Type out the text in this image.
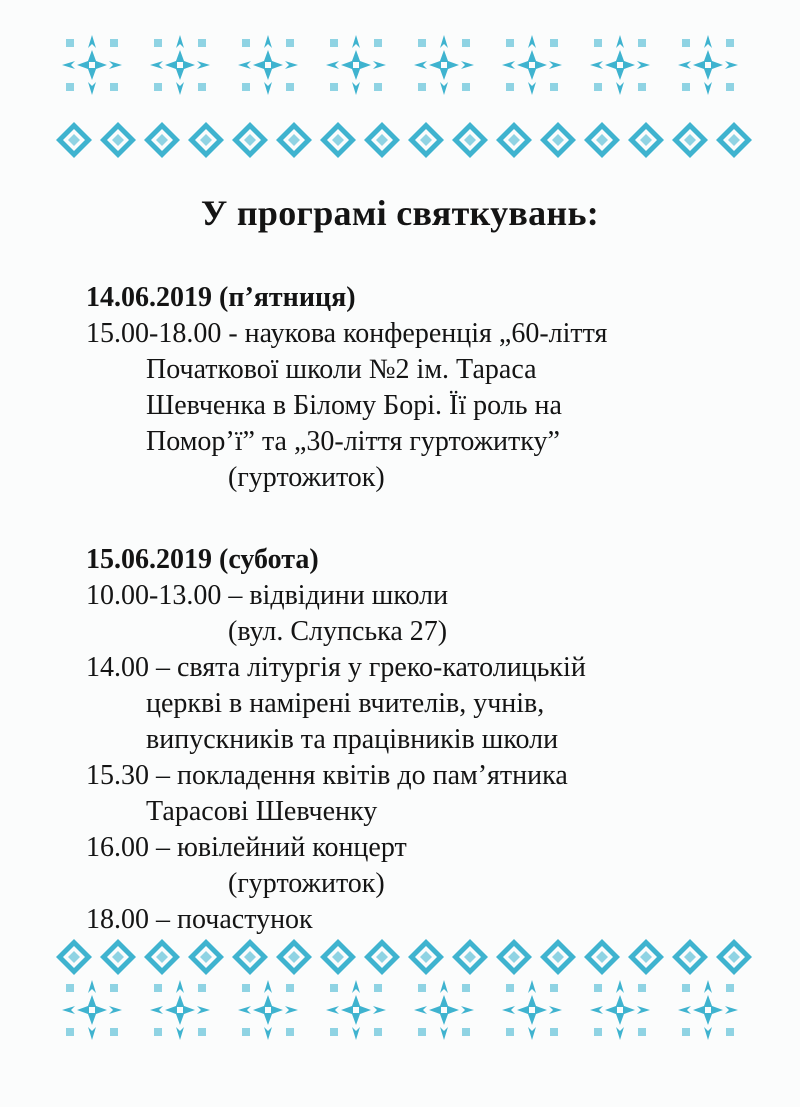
У програмі святкувань:
14.06.2019 (п’ятниця)
15.00-18.00 - наукова конференція „60-ліття
Початкової школи №2 ім. Тараса
Шевченка в Білому Борі. Її роль на
Помор’ї” та „30-ліття гуртожитку”
(гуртожиток)
15.06.2019 (субота)
10.00-13.00 – відвідини школи
(вул. Слупська 27)
14.00 – свята літургія у греко-католицькій
церкві в намірені вчителів, учнів,
випускників та працівників школи
15.30 – покладення квітів до пам’ятника
Тарасові Шевченку
16.00 – ювілейний концерт
(гуртожиток)
18.00 – почастунок
